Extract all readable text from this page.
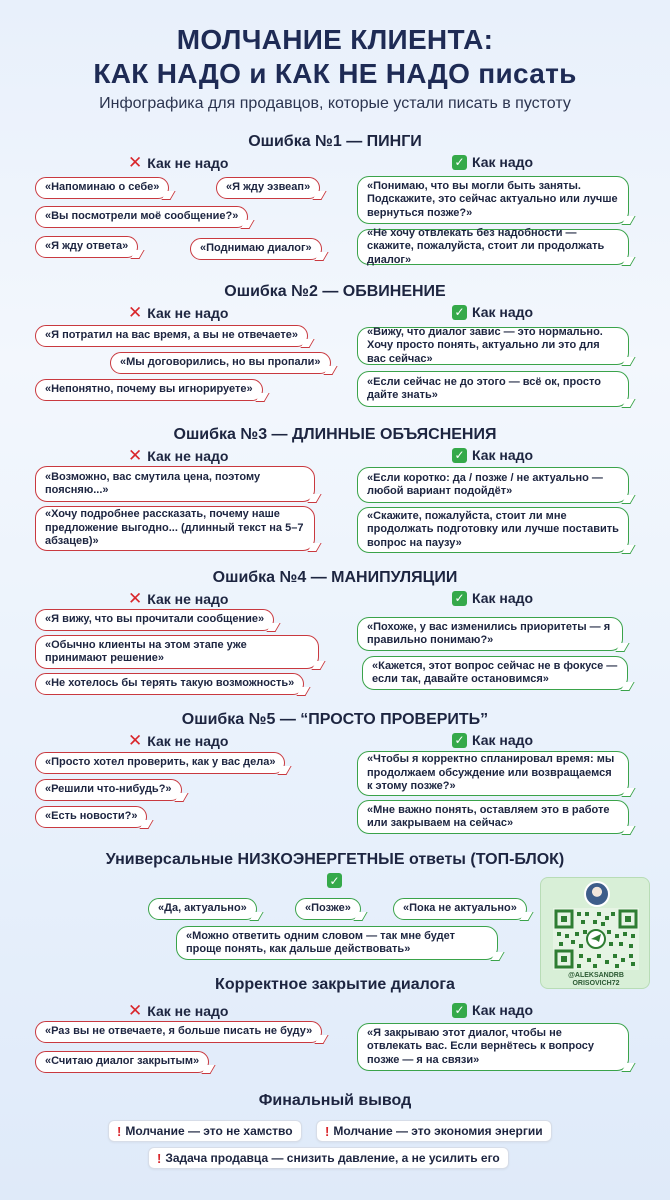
МОЛЧАНИЕ КЛИЕНТА:
КАК НАДО и КАК НЕ НАДО писать
Инфографика для продавцов, которые устали писать в пустоту
Ошибка №1 — ПИНГИ
✕ Как не надо	✓ Как надо
«Напоминаю о себе»	«Я жду эзвеап»
«Вы посмотрели моё сообщение?»
«Я жду ответа»	«Поднимаю диалог»
«Понимаю, что вы могли быть заняты. Подскажите, это сейчас актуально или лучше вернуться позже?»
«Не хочу отвлекать без надобности — скажите, пожалуйста, стоит ли продолжать диалог»
Ошибка №2 — ОБВИНЕНИЕ
✕ Как не надо	✓ Как надо
«Я потратил на вас время, а вы не отвечаете»
«Мы договорились, но вы пропали»
«Непонятно, почему вы игнорируете»
«Вижу, что диалог завис — это нормально. Хочу просто понять, актуально ли это для вас сейчас»
«Если сейчас не до этого — всё ок, просто дайте знать»
Ошибка №3 — ДЛИННЫЕ ОБЪЯСНЕНИЯ
✕ Как не надо	✓ Как надо
«Возможно, вас смутила цена, поэтому поясняю...»
«Хочу подробнее рассказать, почему наше предложение выгодно... (длинный текст на 5–7 абзацев)»
«Если коротко: да / позже / не актуально — любой вариант подойдёт»
«Скажите, пожалуйста, стоит ли мне продолжать подготовку или лучше поставить вопрос на паузу»
Ошибка №4 — МАНИПУЛЯЦИИ
✕ Как не надо	✓ Как надо
«Я вижу, что вы прочитали сообщение»
«Обычно клиенты на этом этапе уже принимают решение»
«Не хотелось бы терять такую возможность»
«Похоже, у вас изменились приоритеты — я правильно понимаю?»
«Кажется, этот вопрос сейчас не в фокусе — если так, давайте остановимся»
Ошибка №5 — “ПРОСТО ПРОВЕРИТЬ”
✕ Как не надо	✓ Как надо
«Просто хотел проверить, как у вас дела»
«Решили что-нибудь?»
«Есть новости?»
«Чтобы я корректно спланировал время: мы продолжаем обсуждение или возвращаемся к этому позже?»
«Мне важно понять, оставляем это в работе или закрываем на сейчас»
Универсальные НИЗКОЭНЕРГЕТНЫЕ ответы (ТОП-БЛОК)
✓
«Да, актуально»	«Позже»	«Пока не актуально»
«Можно ответить одним словом — так мне будет проще понять, как дальше действовать»
@ALEKSANDRB
ORISOVICH72
Корректное закрытие диалога
✕ Как не надо	✓ Как надо
«Раз вы не отвечаете, я больше писать не буду»
«Считаю диалог закрытым»
«Я закрываю этот диалог, чтобы не отвлекать вас. Если вернётесь к вопросу позже — я на связи»
Финальный вывод
! Молчание — это не хамство ! Молчание — это экономия энергии
! Задача продавца — снизить давление, а не усилить его
